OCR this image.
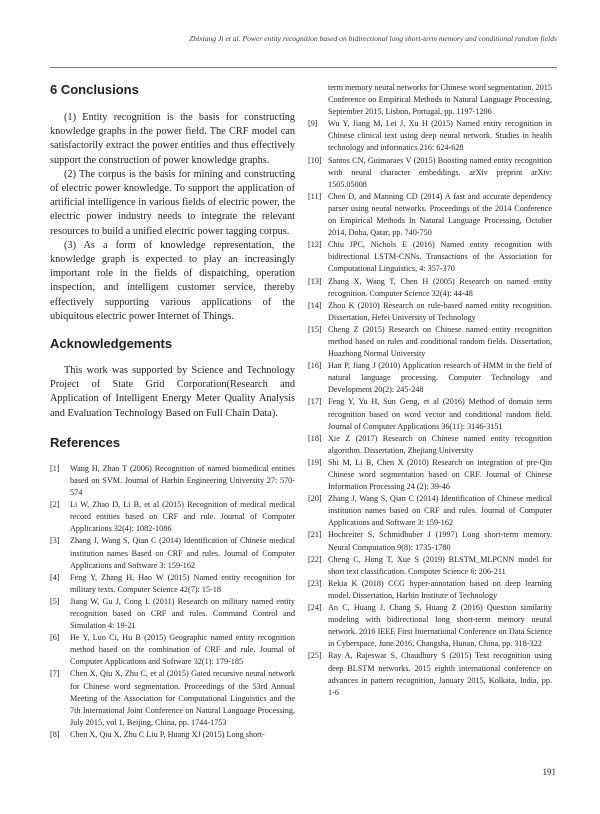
Zhixiang Ji et al. Power entity recognition based on bidirectional long short-term memory and conditional random fields
6 Conclusions

(1) Entity recognition is the basis for constructing knowledge graphs in the power field. The CRF model can satisfactorily extract the power entities and thus effectively support the construction of power knowledge graphs.

(2) The corpus is the basis for mining and constructing of electric power knowledge. To support the application of artificial intelligence in various fields of electric power, the electric power industry needs to integrate the relevant resources to build a unified electric power tagging corpus.

(3) As a form of knowledge representation, the knowledge graph is expected to play an increasingly important role in the fields of dispatching, operation inspection, and intelligent customer service, thereby effectively supporting various applications of the ubiquitous electric power Internet of Things.

Acknowledgements

This work was supported by Science and Technology Project of State Grid Corporation(Research and Application of Intelligent Energy Meter Quality Analysis and Evaluation Technology Based on Full Chain Data).

References
[1]	Wang H, Zhao T (2006) Recognition of named biomedical entities based on SVM. Journal of Harbin Engineering University 27: 570-574
[2]	Li W, Zhao D, Li B, et al (2015) Recognition of medical medical record entities based on CRF and rule. Journal of Computer Applications 32(4): 1082-1086
[3]	Zhang J, Wang S, Qian C (2014) Identification of Chinese medical institution names Based on CRF and rules. Journal of Computer Applications and Software 3: 159-162
[4]	Feng Y, Zhang H, Hao W (2015) Named entity recognition for military texts. Computer Science 42(7): 15-18
[5]	Jiang W, Gu J, Cong L (2011) Research on military named entity recognition based on CRF and rules. Command Control and Simulation 4: 19-21
[6]	He Y, Luo Ci, Hu B (2015) Geographic named entity recognition method based on the combination of CRF and rule. Journal of Computer Applications and Software 32(1): 179-185
[7]	Chen X, Qiu X, Zhu C, et al (2015) Gated recursive neural network for Chinese word segmentation. Proceedings of the 53rd Annual Meeting of the Association for Computational Linguistics and the 7th International Joint Conference on Natural Language Processing, July 2015, vol 1, Beijing, China, pp. 1744-1753
[8]	Chen X, Qiu X, Zhu C Liu P, Huang XJ (2015) Long short-
term memory neural networks for Chinese word segmentation. 2015 Conference on Empirical Methods in Natural Language Processing, September 2015, Lisbon, Portugal, pp. 1197-1206
[9]	Wu Y, Jiang M, Lei J, Xu H (2015) Named entity recognition in Chinese clinical text using deep neural network. Studies in health technology and informatics 216: 624-628
[10] Santos CN, Guimaraes V (2015) Boosting named entity recognition with neural character embeddings. arXiv preprint arXiv: 1505.05008
[11] Chen D, and Manning CD (2014) A fast and accurate dependency parser using neural networks. Proceedings of the 2014 Conference on Empirical Methods In Natural Language Processing, October 2014, Doha, Qatar, pp. 740-750
[12] Chiu JPC, Nichols E (2016) Named entity recognition with bidirectional LSTM-CNNs. Transactions of the Association for Computational Linguistics, 4: 357-370
[13] Zhang X, Wang T, Chen H (2005) Research on named entity recognition. Computer Science 32(4): 44-48
[14] Zhou K (2010) Research on rule-based named entity recognition. Dissertation, Hefei University of Technology
[15] Cheng Z (2015) Research on Chinese named entity recognition method based on rules and conditional random fields. Dissertation, Huazhong Normal University
[16] Han P, Jiang J (2010) Application research of HMM in the field of natural language processing. Computer Technology and Development 20(2): 245-248
[17] Feng Y, Yu H, Sun Geng, et al (2016) Method of domain term recognition based on word vector and conditional random field. Journal of Computer Applications 36(11): 3146-3151
[18] Xie Z (2017) Research on Chinese named entity recognition algorithm. Dissertation, Zhejiang University
[19] Shi M, Li B, Chen X (2010) Research on integration of pre-Qin Chinese word segmentation based on CRF. Journal of Chinese Information Processing 24 (2): 39-46
[20] Zhang J, Wang S, Qian C (2014) Identification of Chinese medical institution names based on CRF and rules. Journal of Computer Applications and Software 3: 159-162
[21] Hochreiter S, Schmidhuber J (1997) Long short-term memory. Neural Computation 9(8): 1735-1780
[22] Cheng C, Hong T, Xue S (2019) BLSTM_MLPCNN model for short text classification. Computer Science 6: 206-211
[23] Rekia K (2018) CCG hyper-annotation based on deep learning model. Dissertation, Harbin Institute of Technology
[24] An C, Huang J, Chang S, Huang Z (2016) Question similarity modeling with bidirectional long short-term memory neural network. 2016 IEEE First International Conference on Data Science in Cyberspace, June 2016, Changsha, Hunan, China, pp. 318-322
[25] Ray A, Rajeswar S, Chaudbury S (2015) Text recognition using deep BLSTM networks. 2015 eighth international conference on advances in pattern recognition, January 2015, Kolkata, India, pp. 1-6
191
